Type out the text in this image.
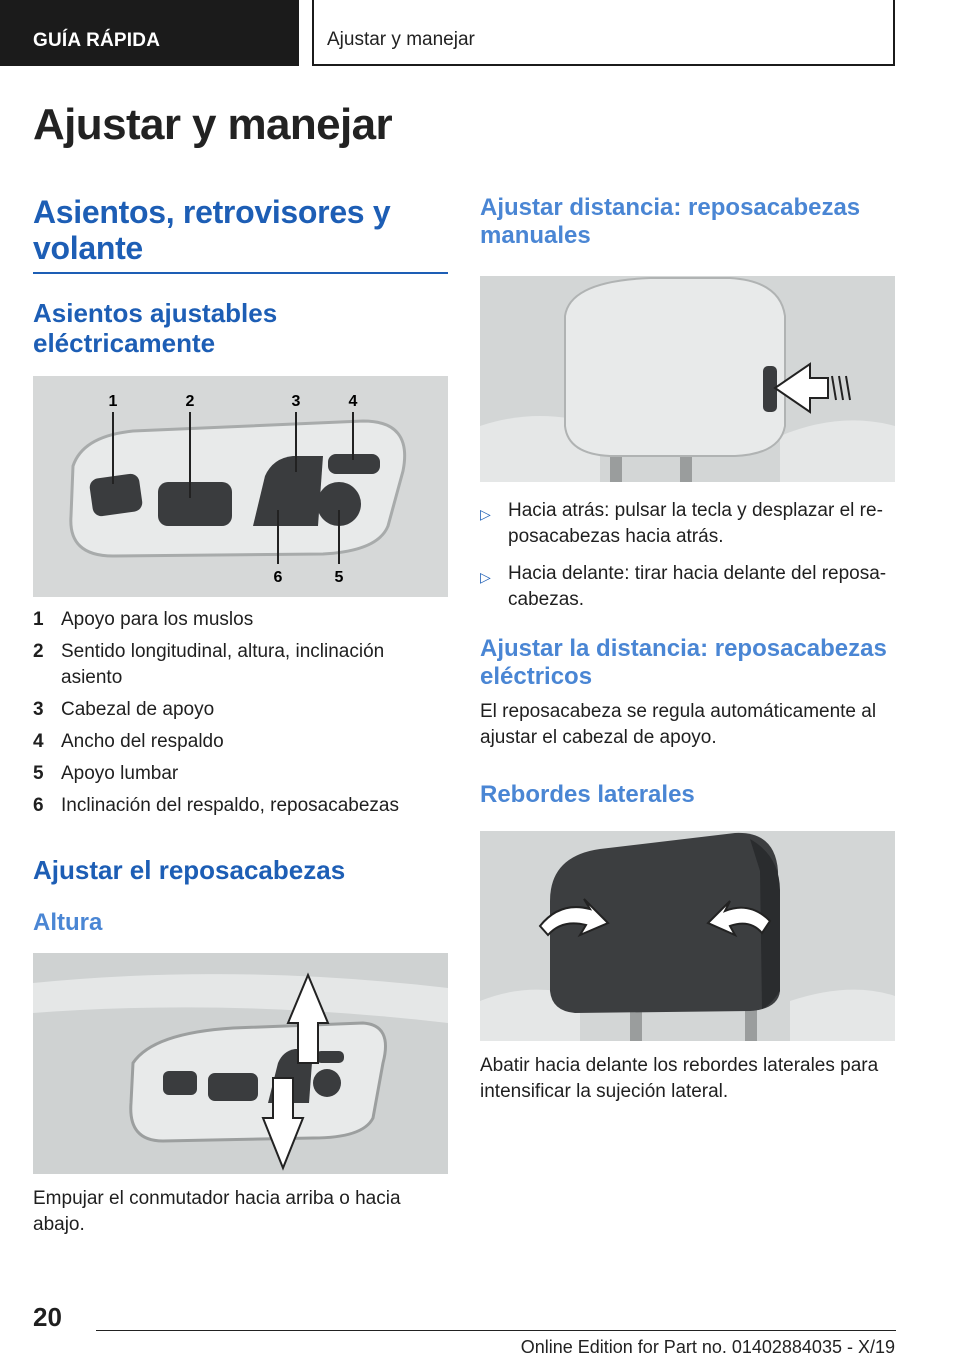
GUÍA RÁPIDA	Ajustar y manejar
Ajustar y manejar
Asientos, retrovisores y volante
Asientos ajustables eléctricamente
1	2	3	4
5
6
1 Apoyo para los muslos
2 Sentido longitudinal, altura, inclinación asiento
3 Cabezal de apoyo
4 Ancho del respaldo
5 Apoyo lumbar
6 Inclinación del respaldo, reposacabezas
Ajustar el reposacabezas
Altura

Empujar el conmutador hacia arriba o hacia abajo.

Ajustar distancia: reposacabezas manuales
▷ Hacia atrás: pulsar la tecla y desplazar el reposacabezas hacia atrás.
▷ Hacia delante: tirar hacia delante del reposacabezas.
Ajustar la distancia: reposacabezas eléctricos

El reposacabeza se regula automáticamente al ajustar el cabezal de apoyo.

Rebordes laterales

Abatir hacia delante los rebordes laterales para intensificar la sujeción lateral.

20
Online Edition for Part no. 01402884035 - X/19
